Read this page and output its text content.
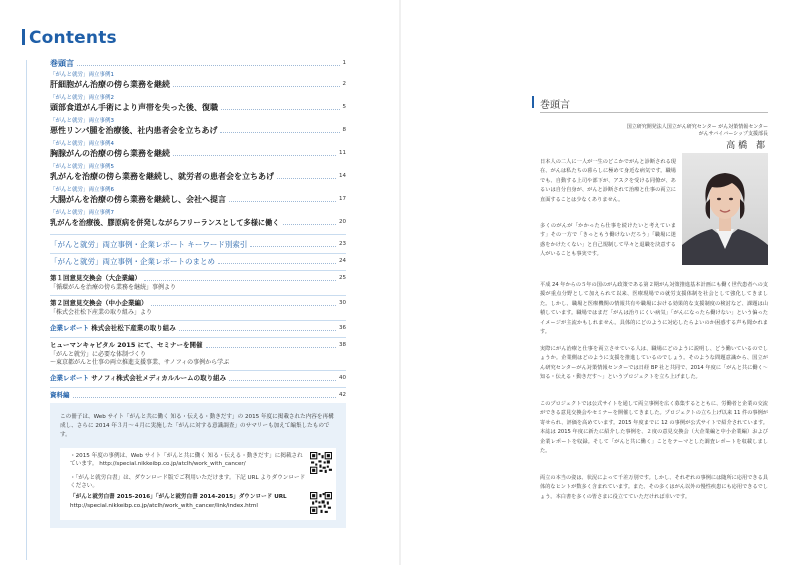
Contents
巻頭言	1
「がんと就労」両立事例1
肝細胞がん治療の傍ら業務を継続	2
「がんと就労」両立事例2
頭部食道がん手術により声帯を失った後、復職	5
「がんと就労」両立事例3
悪性リンパ腫を治療後、社内患者会を立ちあげ	8
「がんと就労」両立事例4
胸腺がんの治療の傍ら業務を継続	11
「がんと就労」両立事例5
乳がんを治療の傍ら業務を継続し、就労者の患者会を立ちあげ	14
「がんと就労」両立事例6
大腸がんを治療の傍ら業務を継続し、会社へ提言	17
「がんと就労」両立事例7
乳がんを治療後、膠原病を併発しながらフリーランスとして多様に働く	20
「がんと就労」両立事例・企業レポート キーワード別索引	23
「がんと就労」両立事例・企業レポートのまとめ	24
第１回意見交換会（大企業編）	25
「循環がんを治療の傍ら業務を継続」事例より
第２回意見交換会（中小企業編）	30
「株式会社松下産業の取り組み」より
企業レポート 株式会社松下産業の取り組み	36
ヒューマンキャピタル 2015 にて、セミナーを開催	38
「がんと就労」に必要な体制づくり
～東京都がんと仕事の両立推進支援事業、サノフィの事例から学ぶ
企業レポート サノフィ株式会社メディカルルームの取り組み	40
資料編	42
この冊子は、Web サイト「がんと共に働く 知る・伝える・動きだす」の 2015 年度に掲載された内容を再構成し、さらに 2014 年３月～４月に実施した「がんに対する意識調査」のサマリーも加えて編集したものです。
・2015 年度の事例は、Web サイト「がんと共に働く 知る・伝える・動きだす」に掲載されています。 http://special.nikkeibp.co.jp/atclh/work_with_cancer/
・「がんと就労白書」は、ダウンロード版でご利用いただけます。下記 URL よりダウンロードください。
「がんと就労白書 2015-2016」「がんと就労白書 2014-2015」ダウンロード URL
http://special.nikkeibp.co.jp/atclh/work_with_cancer/link/index.html
巻頭言
国立研究開発法人国立がん研究センター がん対策情報センター
がんサバイバーシップ支援部長
高橋 都
日本人の二人に一人が一生のどこかでがんと診断される現在、がんは私たちの暮らしに極めて身近な病気です。職場でも、自動する上司や部下が、アスクを受ける同僚が、あるいは自分自身が、がんと診断されて治療と仕事の両立に直面することは少なくありません。
多くのがんが「かかったら仕事を続けたいと考えています」その一方で「きっともう働けないだろう」「職場に迷惑をかけたくない」と自己規制して早々と退職を決意する人がいることも事実です。
平成 24 年からの５年の国のがん政策である第２期がん対策推進基本計画にも働く世代患者への支援が重点分野として加えられて以来、医療現場での就労支援体制を社会として強化してきました。しかし、職場と医療機関の情報共有や職場における効果的な支援制度の検討など、課題は山積しています。職場ではまだ「がんは治りにくい病気」「がんになったら働けない」という偏ったイメージが主流かもしれません。具体的にどのように対応したらよいのか困惑する声も聞かれます。
実際にがん治療と仕事を両立させている人は、職場にどのように説明し、どう働いているのでしょうか。企業側はどのように支援を推進しているのでしょう。そのような問題意識から、国立がん研究センターがん対策情報センターでは日経 BP 社と共同で、2014 年度に「がんと共に働く～知る・伝える・動きだす～」というプロジェクトを立ち上げました。
このプロジェクトでは公式サイトを通して両立事例を広く募集するとともに、労働者と企業の交流ができる意見交換会やセミナーを開催してきました。プロジェクトの立ち上げ以来 11 件の事例が寄せられ、評価を高めています。2015 年度までに 12 の事例が公式サイトで紹介されています。本誌は 2015 年度に新たに紹介した事例を、２度の意見交換会（大企業編と中小企業編）および企業レポートを収録。そして「がんと共に働く」ことをテーマとした調査レポートを収載しました。
両立の本当の姿は、状況によって千差万別です。しかし、それぞれの事例には随所に応用できる具体的なヒントが数多く含まれています。また、その多くはがん以外の慢性疾患にも応用できるでしょう。本白書を多くの皆さまに役立てていただければ幸いです。
